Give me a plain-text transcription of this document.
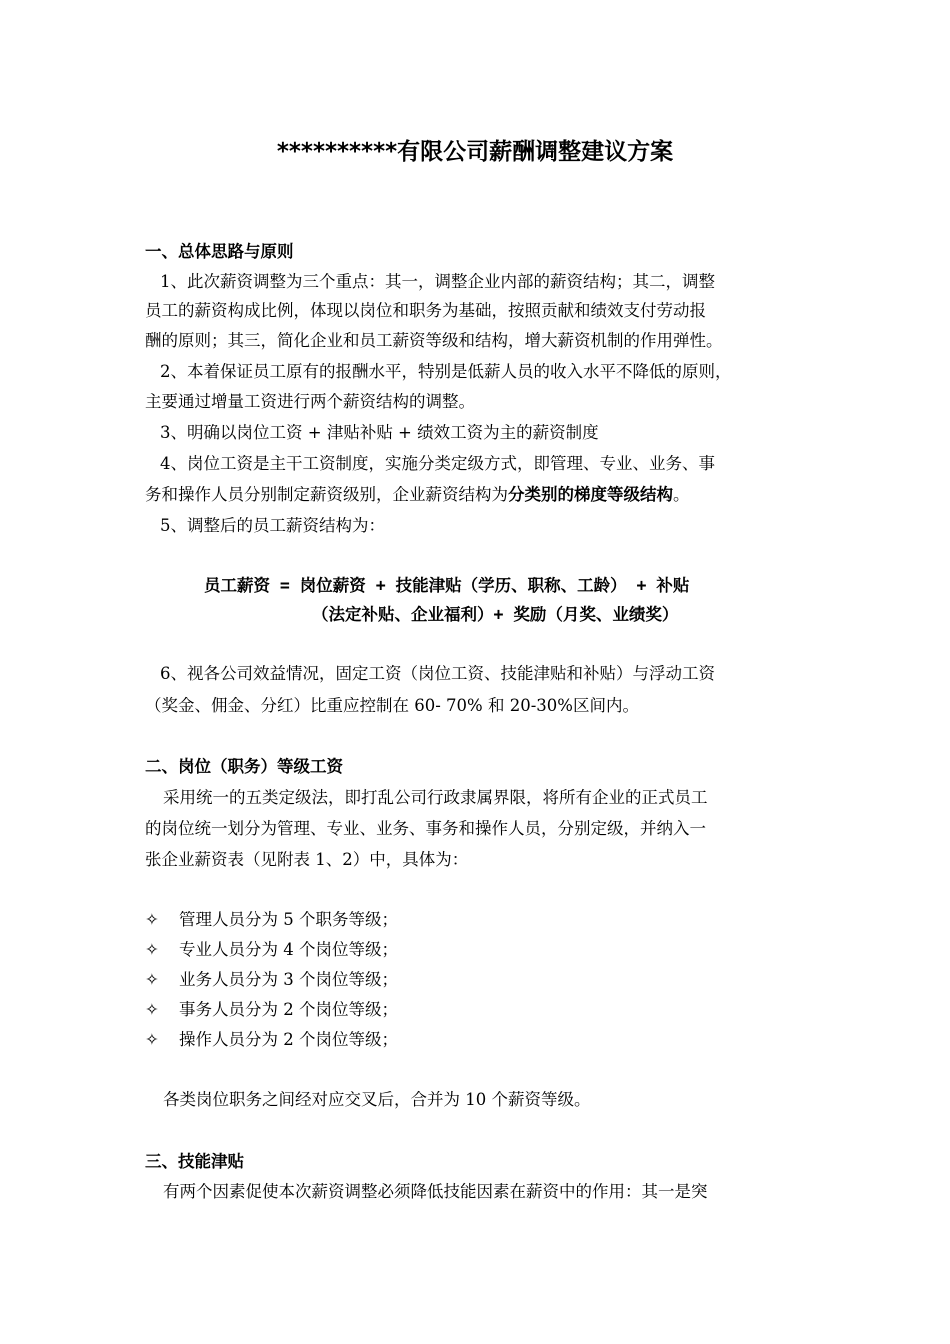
**********有限公司薪酬调整建议方案
一、总体思路与原则
1、此次薪资调整为三个重点：其一，调整企业内部的薪资结构；其二，调整
员工的薪资构成比例，体现以岗位和职务为基础，按照贡献和绩效支付劳动报
酬的原则；其三，简化企业和员工薪资等级和结构，增大薪资机制的作用弹性。
2、本着保证员工原有的报酬水平，特别是低薪人员的收入水平不降低的原则，
主要通过增量工资进行两个薪资结构的调整。
3、明确以岗位工资 + 津贴补贴 + 绩效工资为主的薪资制度
4、岗位工资是主干工资制度，实施分类定级方式，即管理、专业、业务、事
务和操作人员分别制定薪资级别，企业薪资结构为分类别的梯度等级结构。
5、调整后的员工薪资结构为：
员工薪资 = 岗位薪资 + 技能津贴（学历、职称、工龄） + 补贴
（法定补贴、企业福利）+ 奖励（月奖、业绩奖）
6、视各公司效益情况，固定工资（岗位工资、技能津贴和补贴）与浮动工资
（奖金、佣金、分红）比重应控制在 60- 70% 和 20-30%区间内。
二、岗位（职务）等级工资
采用统一的五类定级法，即打乱公司行政隶属界限，将所有企业的正式员工
的岗位统一划分为管理、专业、业务、事务和操作人员，分别定级，并纳入一
张企业薪资表（见附表 1、2）中，具体为：
✧ 管理人员分为 5 个职务等级；
✧ 专业人员分为 4 个岗位等级；
✧ 业务人员分为 3 个岗位等级；
✧ 事务人员分为 2 个岗位等级；
✧ 操作人员分为 2 个岗位等级；
各类岗位职务之间经对应交叉后，合并为 10 个薪资等级。
三、技能津贴
有两个因素促使本次薪资调整必须降低技能因素在薪资中的作用：其一是突
